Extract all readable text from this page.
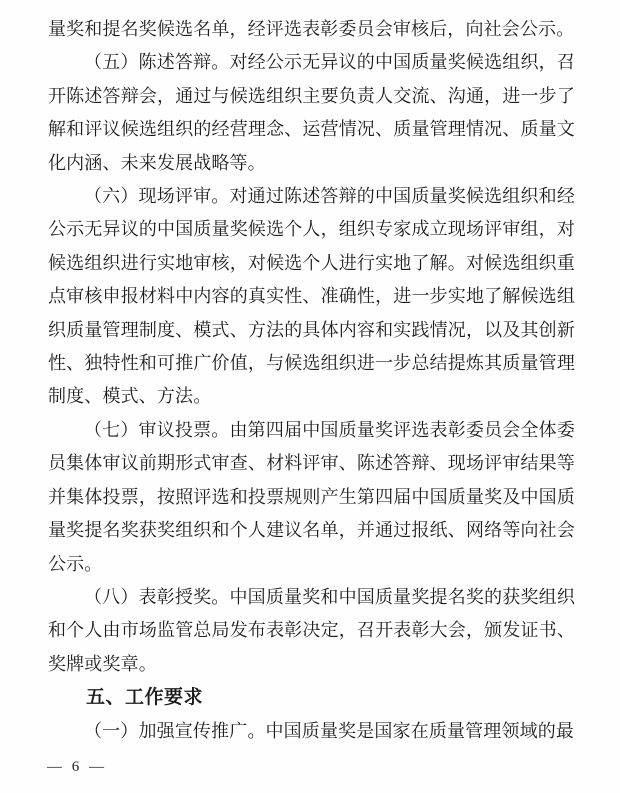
量奖和提名奖候选名单，经评选表彰委员会审核后，向社会公示。

（五）陈述答辩。对经公示无异议的中国质量奖候选组织，召开陈述答辩会，通过与候选组织主要负责人交流、沟通，进一步了解和评议候选组织的经营理念、运营情况、质量管理情况、质量文化内涵、未来发展战略等。

（六）现场评审。对通过陈述答辩的中国质量奖候选组织和经公示无异议的中国质量奖候选个人，组织专家成立现场评审组，对候选组织进行实地审核，对候选个人进行实地了解。对候选组织重点审核申报材料中内容的真实性、准确性，进一步实地了解候选组织质量管理制度、模式、方法的具体内容和实践情况，以及其创新性、独特性和可推广价值，与候选组织进一步总结提炼其质量管理制度、模式、方法。

（七）审议投票。由第四届中国质量奖评选表彰委员会全体委员集体审议前期形式审查、材料评审、陈述答辩、现场评审结果等并集体投票，按照评选和投票规则产生第四届中国质量奖及中国质量奖提名奖获奖组织和个人建议名单，并通过报纸、网络等向社会公示。

（八）表彰授奖。中国质量奖和中国质量奖提名奖的获奖组织和个人由市场监管总局发布表彰决定，召开表彰大会，颁发证书、奖牌或奖章。

五、工作要求

（一）加强宣传推广。中国质量奖是国家在质量管理领域的最

— 6 —
